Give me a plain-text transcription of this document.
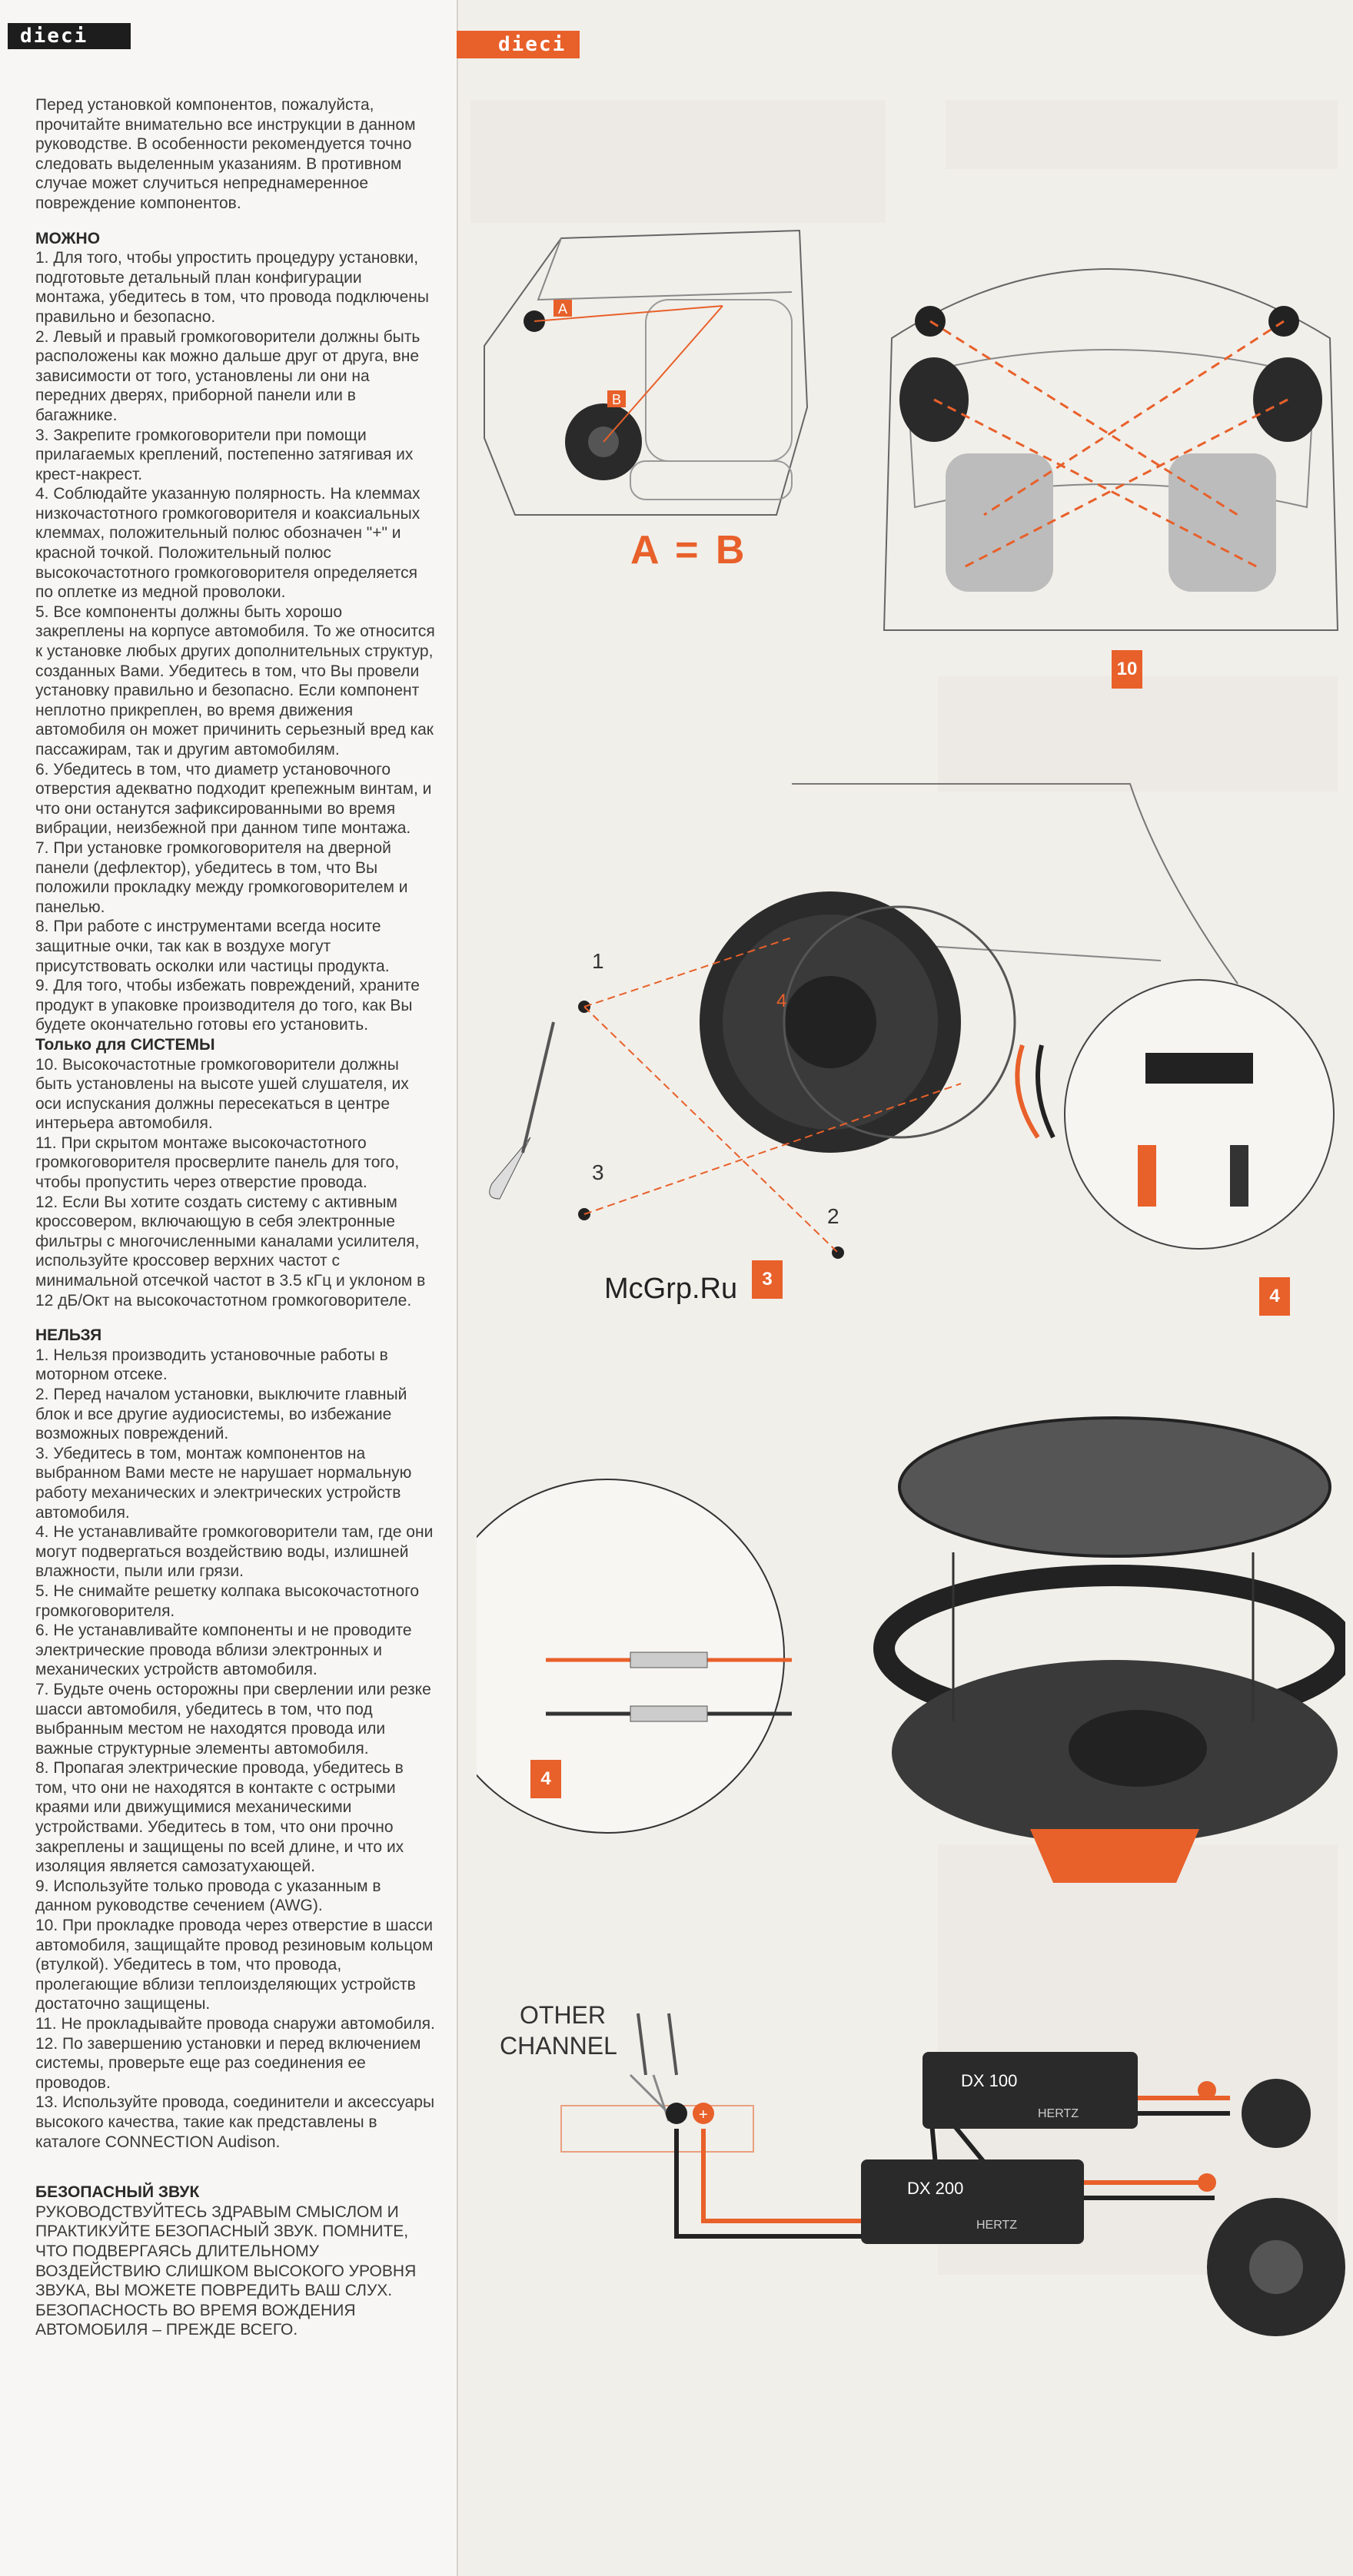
dieci	dieci

Перед установкой компонентов, пожалуйста, прочитайте внимательно все инструкции в данном руководстве. В особенности рекомендуется точно следовать выделенным указаниям. В противном случае может случиться непреднамеренное повреждение компонентов.

МОЖНО

1. Для того, чтобы упростить процедуру установки, подготовьте детальный план конфигурации монтажа, убедитесь в том, что провода подключены правильно и безопасно.

2. Левый и правый громкоговорители должны быть расположены как можно дальше друг от друга, вне зависимости от того, установлены ли они на передних дверях, приборной панели или в багажнике.

3. Закрепите громкоговорители при помощи прилагаемых креплений, постепенно затягивая их крест-накрест.

4. Соблюдайте указанную полярность. На клеммах низкочастотного громкоговорителя и коаксиальных клеммах, положительный полюс обозначен "+" и красной точкой. Положительный полюс высокочастотного громкоговорителя определяется по оплетке из медной проволоки.

5. Все компоненты должны быть хорошо закреплены на корпусе автомобиля. То же относится к установке любых других дополнительных структур, созданных Вами. Убедитесь в том, что Вы провели установку правильно и безопасно. Если компонент неплотно прикреплен, во время движения автомобиля он может причинить серьезный вред как пассажирам, так и другим автомобилям.

6. Убедитесь в том, что диаметр установочного отверстия адекватно подходит крепежным винтам, и что они останутся зафиксированными во время вибрации, неизбежной при данном типе монтажа.

7. При установке громкоговорителя на дверной панели (дефлектор), убедитесь в том, что Вы положили прокладку между громкоговорителем и панелью.

8. При работе с инструментами всегда носите защитные очки, так как в воздухе могут присутствовать осколки или частицы продукта.

9. Для того, чтобы избежать повреждений, храните продукт в упаковке производителя до того, как Вы будете окончательно готовы его установить.

Только для СИСТЕМЫ

10. Высокочастотные громкоговорители должны быть установлены на высоте ушей слушателя, их оси испускания должны пересекаться в центре интерьера автомобиля.

11. При скрытом монтаже высокочастотного громкоговорителя просверлите панель для того, чтобы пропустить через отверстие провода.

12. Если Вы хотите создать систему с активным кроссовером, включающую в себя электронные фильтры с многочисленными каналами усилителя, используйте кроссовер верхних частот с минимальной отсечкой частот в 3.5 кГц и уклоном в 12 дБ/Окт на высокочастотном громкоговорителе.

НЕЛЬЗЯ

1. Нельзя производить установочные работы в моторном отсеке.

2. Перед началом установки, выключите главный блок и все другие аудиосистемы, во избежание возможных повреждений.

3. Убедитесь в том, монтаж компонентов на выбранном Вами месте не нарушает нормальную работу механических и электрических устройств автомобиля.

4. Не устанавливайте громкоговорители там, где они могут подвергаться воздействию воды, излишней влажности, пыли или грязи.

5. Не снимайте решетку колпака высокочастотного громкоговорителя.

6. Не устанавливайте компоненты и не проводите электрические провода вблизи электронных и механических устройств автомобиля.

7. Будьте очень осторожны при сверлении или резке шасси автомобиля, убедитесь в том, что под выбранным местом не находятся провода или важные структурные элементы автомобиля.

8. Пропагая электрические провода, убедитесь в том, что они не находятся в контакте с острыми краями или движущимися механическими устройствами. Убедитесь в том, что они прочно закреплены и защищены по всей длине, и что их изоляция является самозатухающей.

9. Используйте только провода с указанным в данном руководстве сечением (AWG).

10. При прокладке провода через отверстие в шасси автомобиля, защищайте провод резиновым кольцом (втулкой). Убедитесь в том, что провода, пролегающие вблизи теплоизделяющих устройств достаточно защищены.

11. Не прокладывайте провода снаружи автомобиля.

12. По завершению установки и перед включением системы, проверьте еще раз соединения ее проводов.

13. Используйте провода, соединители и аксессуары высокого качества, такие как представлены в каталоге CONNECTION Audison.

БЕЗОПАСНЫЙ ЗВУК

РУКОВОДСТВУЙТЕСЬ ЗДРАВЫМ СМЫСЛОМ И ПРАКТИКУЙТЕ БЕЗОПАСНЫЙ ЗВУК. ПОМНИТЕ, ЧТО ПОДВЕРГАЯСЬ ДЛИТЕЛЬНОМУ ВОЗДЕЙСТВИЮ СЛИШКОМ ВЫСОКОГО УРОВНЯ ЗВУКА, ВЫ МОЖЕТЕ ПОВРЕДИТЬ ВАШ СЛУХ. БЕЗОПАСНОСТЬ ВО ВРЕМЯ ВОЖДЕНИЯ АВТОМОБИЛЯ – ПРЕЖДЕ ВСЕГО.

A
B
A = B
10
4
1
3
2
3
4
4
DX 100
DX 200
HERTZ
HERTZ
+
OTHER
CHANNEL
McGrp.Ru
